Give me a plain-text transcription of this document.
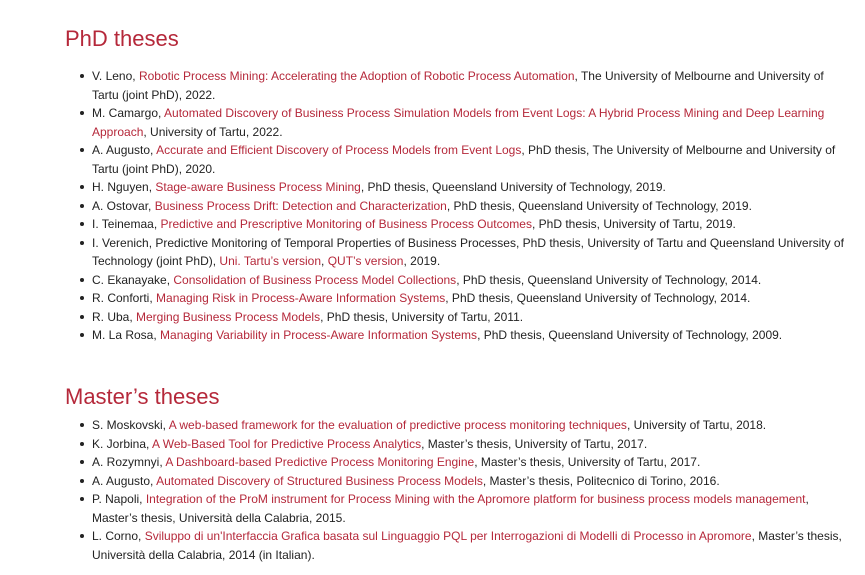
PhD theses
V. Leno, Robotic Process Mining: Accelerating the Adoption of Robotic Process Automation, The University of Melbourne and University of Tartu (joint PhD), 2022.
M. Camargo, Automated Discovery of Business Process Simulation Models from Event Logs: A Hybrid Process Mining and Deep Learning Approach, University of Tartu, 2022.
A. Augusto, Accurate and Efficient Discovery of Process Models from Event Logs, PhD thesis, The University of Melbourne and University of Tartu (joint PhD), 2020.
H. Nguyen, Stage-aware Business Process Mining, PhD thesis, Queensland University of Technology, 2019.
A. Ostovar, Business Process Drift: Detection and Characterization, PhD thesis, Queensland University of Technology, 2019.
I. Teinemaa, Predictive and Prescriptive Monitoring of Business Process Outcomes, PhD thesis, University of Tartu, 2019.
I. Verenich, Predictive Monitoring of Temporal Properties of Business Processes, PhD thesis, University of Tartu and Queensland University of Technology (joint PhD), Uni. Tartu’s version, QUT’s version, 2019.
C. Ekanayake, Consolidation of Business Process Model Collections, PhD thesis, Queensland University of Technology, 2014.
R. Conforti, Managing Risk in Process-Aware Information Systems, PhD thesis, Queensland University of Technology, 2014.
R. Uba, Merging Business Process Models, PhD thesis, University of Tartu, 2011.
M. La Rosa, Managing Variability in Process-Aware Information Systems, PhD thesis, Queensland University of Technology, 2009.
Master’s theses
S. Moskovski, A web-based framework for the evaluation of predictive process monitoring techniques, University of Tartu, 2018.
K. Jorbina, A Web-Based Tool for Predictive Process Analytics, Master’s thesis, University of Tartu, 2017.
A. Rozymnyi, A Dashboard-based Predictive Process Monitoring Engine, Master’s thesis, University of Tartu, 2017.
A. Augusto, Automated Discovery of Structured Business Process Models, Master’s thesis, Politecnico di Torino, 2016.
P. Napoli, Integration of the ProM instrument for Process Mining with the Apromore platform for business process models management, Master’s thesis, Università della Calabria, 2015.
L. Corno, Sviluppo di un'Interfaccia Grafica basata sul Linguaggio PQL per Interrogazioni di Modelli di Processo in Apromore, Master’s thesis, Università della Calabria, 2014 (in Italian).
